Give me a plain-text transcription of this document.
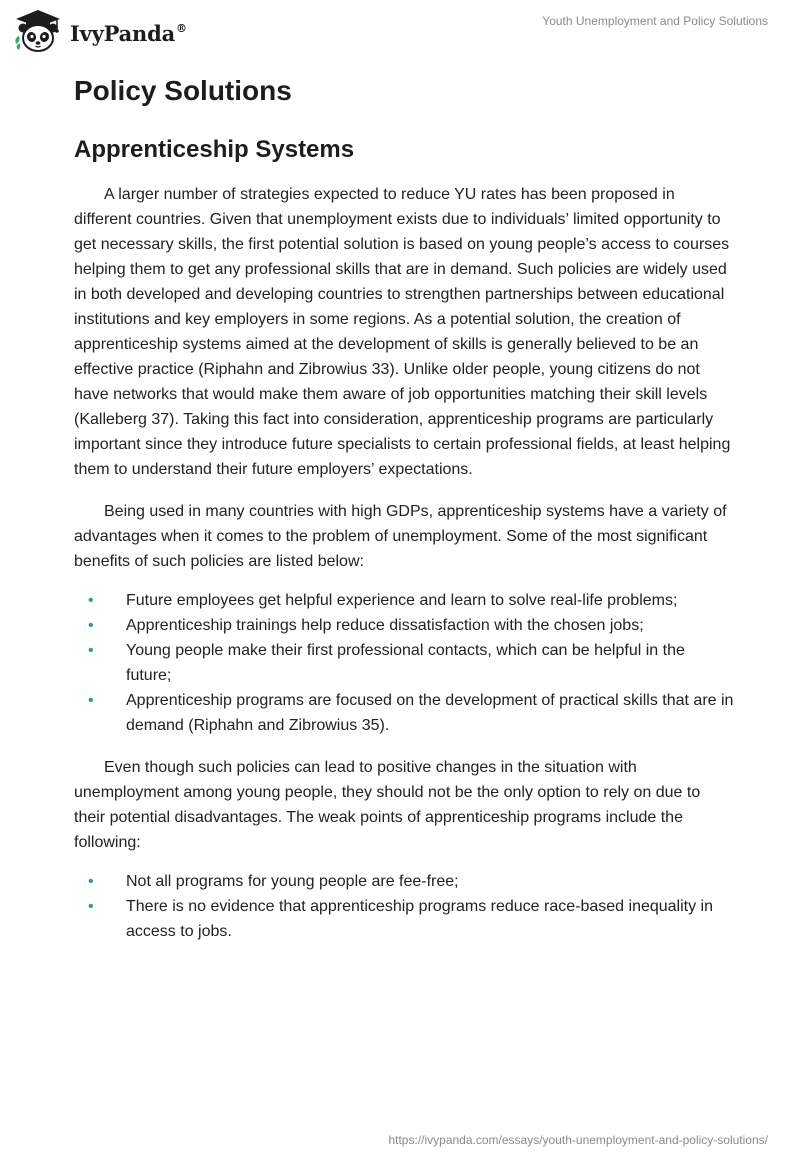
IvyPanda®	Youth Unemployment and Policy Solutions
Policy Solutions
Apprenticeship Systems

A larger number of strategies expected to reduce YU rates has been proposed in different countries. Given that unemployment exists due to individuals’ limited opportunity to get necessary skills, the first potential solution is based on young people’s access to courses helping them to get any professional skills that are in demand. Such policies are widely used in both developed and developing countries to strengthen partnerships between educational institutions and key employers in some regions. As a potential solution, the creation of apprenticeship systems aimed at the development of skills is generally believed to be an effective practice (Riphahn and Zibrowius 33). Unlike older people, young citizens do not have networks that would make them aware of job opportunities matching their skill levels (Kalleberg 37). Taking this fact into consideration, apprenticeship programs are particularly important since they introduce future specialists to certain professional fields, at least helping them to understand their future employers’ expectations.

Being used in many countries with high GDPs, apprenticeship systems have a variety of advantages when it comes to the problem of unemployment. Some of the most significant benefits of such policies are listed below:

• Future employees get helpful experience and learn to solve real-life problems;
• Apprenticeship trainings help reduce dissatisfaction with the chosen jobs;
• Young people make their first professional contacts, which can be helpful in the future;
• Apprenticeship programs are focused on the development of practical skills that are in demand (Riphahn and Zibrowius 35).

Even though such policies can lead to positive changes in the situation with unemployment among young people, they should not be the only option to rely on due to their potential disadvantages. The weak points of apprenticeship programs include the following:

• Not all programs for young people are fee-free;
• There is no evidence that apprenticeship programs reduce race-based inequality in access to jobs.
https://ivypanda.com/essays/youth-unemployment-and-policy-solutions/
